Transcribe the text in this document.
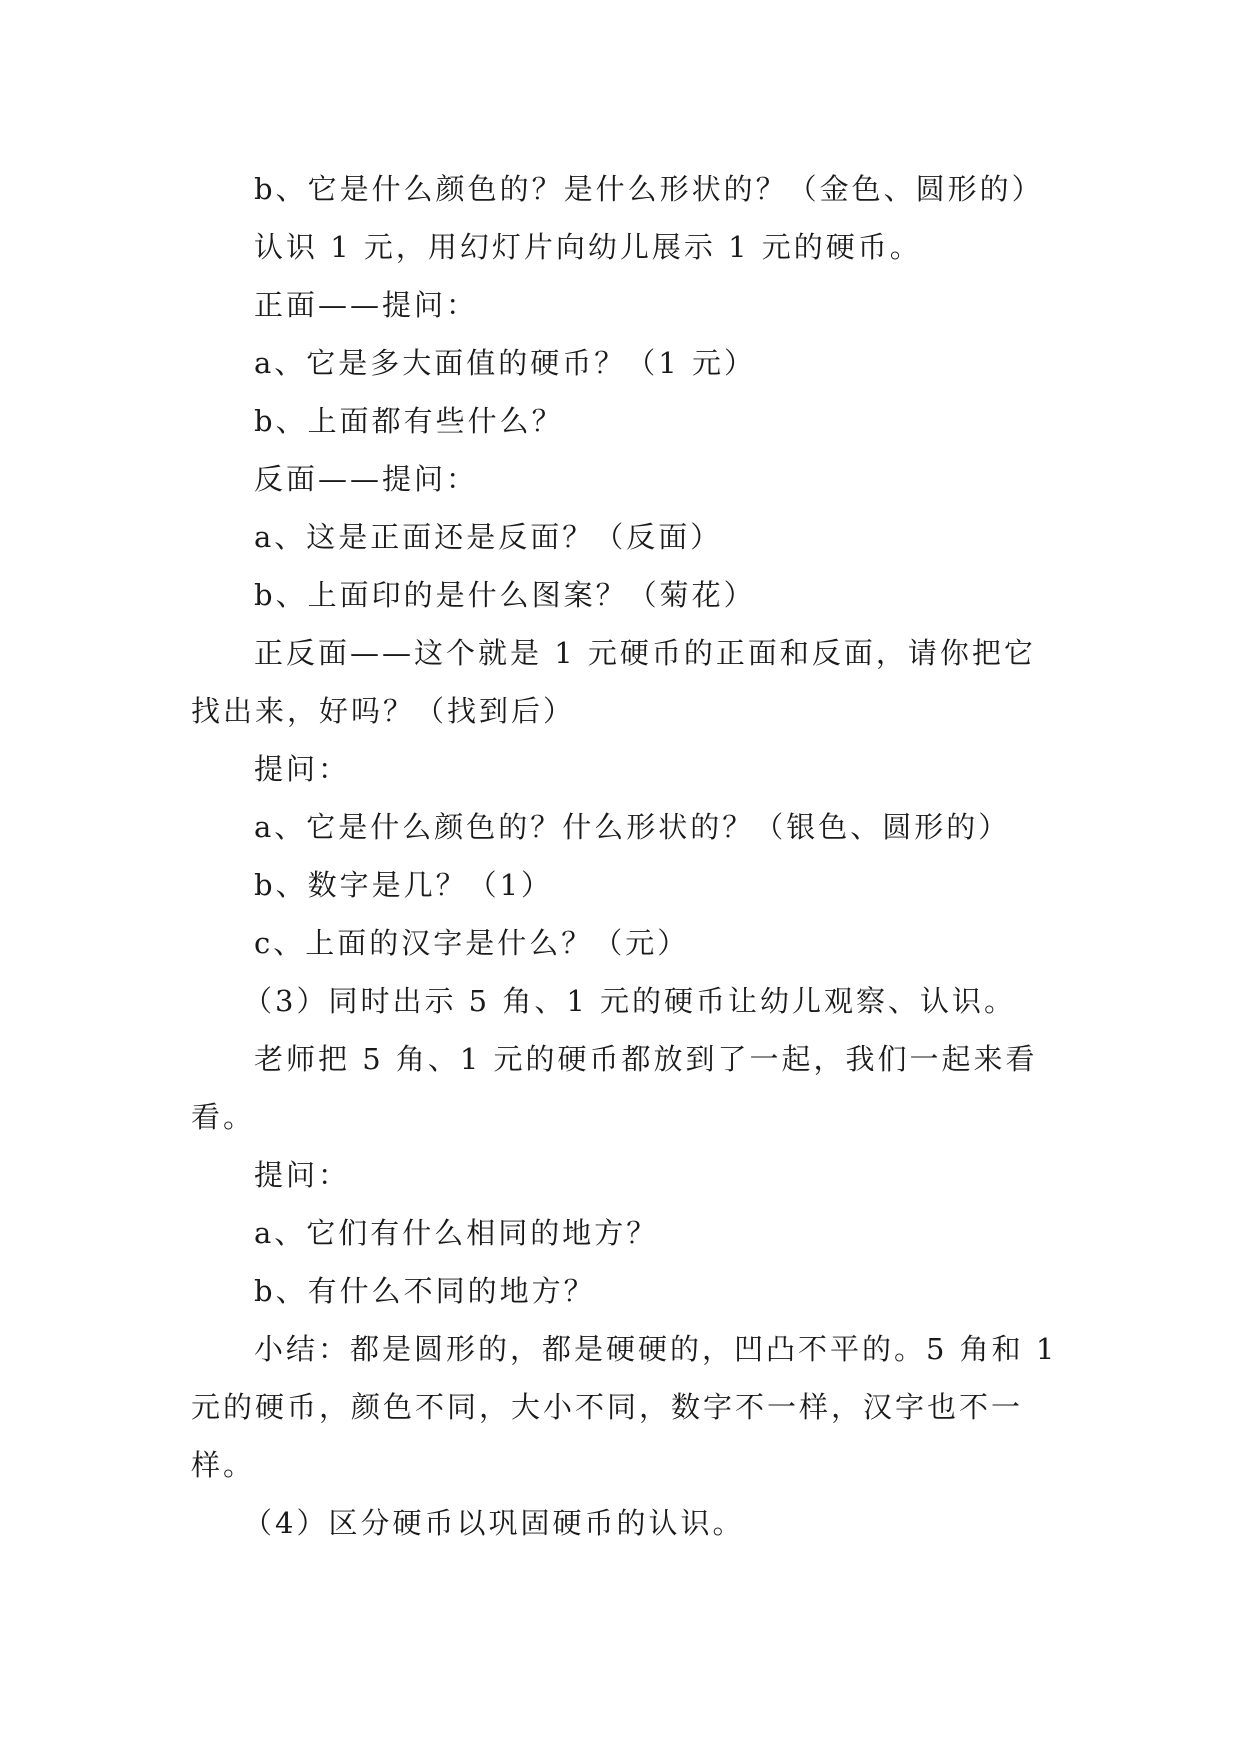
b、它是什么颜色的？是什么形状的？（金色、圆形的）
认识 1 元，用幻灯片向幼儿展示 1 元的硬币。
正面——提问：
a、它是多大面值的硬币？（1 元）
b、上面都有些什么？
反面——提问：
a、这是正面还是反面？（反面）
b、上面印的是什么图案？（菊花）
正反面——这个就是 1 元硬币的正面和反面，请你把它
找出来，好吗？（找到后）
提问：
a、它是什么颜色的？什么形状的？（银色、圆形的）
b、数字是几？（1）
c、上面的汉字是什么？（元）
（3）同时出示 5 角、1 元的硬币让幼儿观察、认识。
老师把 5 角、1 元的硬币都放到了一起，我们一起来看
看。
提问：
a、它们有什么相同的地方？
b、有什么不同的地方？
小结：都是圆形的，都是硬硬的，凹凸不平的。5 角和 1
元的硬币，颜色不同，大小不同，数字不一样，汉字也不一
样。
（4）区分硬币以巩固硬币的认识。
